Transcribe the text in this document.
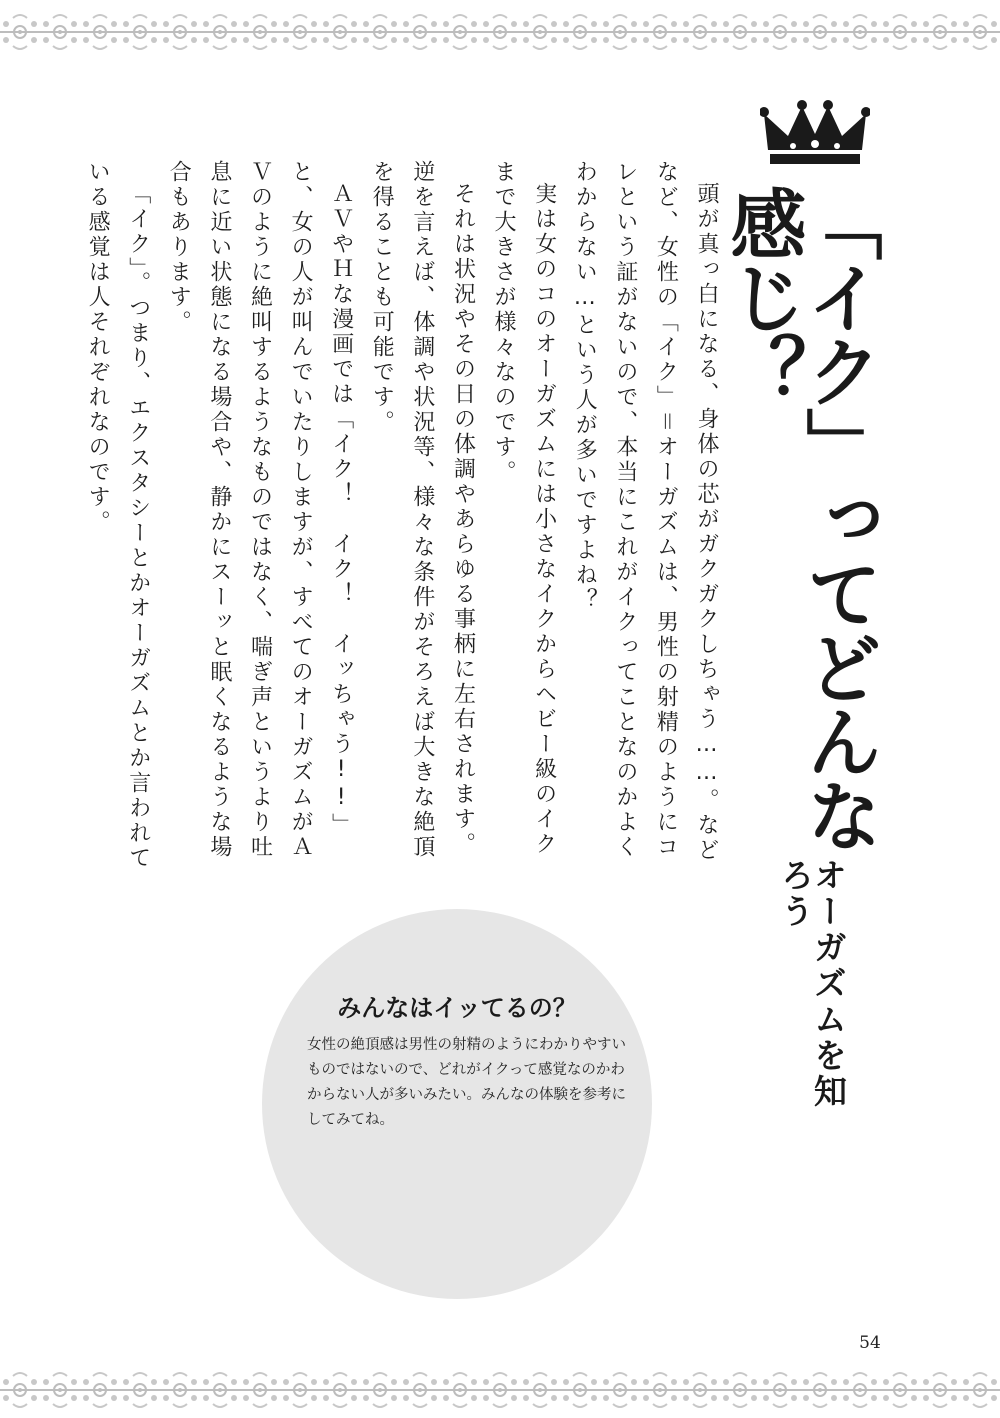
「イク」ってどんな感じ？
オーガズムを知ろう

頭が真っ白になる、身体の芯がガクガクしちゃう……。などなど、女性の「イク」＝オーガズムは、男性の射精のようにコレという証がないので、本当にこれがイクってことなのかよくわからない…という人が多いですよね？

実は女のコのオーガズムには小さなイクからヘビー級のイクまで大きさが様々なのです。

それは状況やその日の体調やあらゆる事柄に左右されます。逆を言えば、体調や状況等、様々な条件がそろえば大きな絶頂を得ることも可能です。

ＡＶやＨな漫画では「イク！　イク！　イッちゃう!!」と、女の人が叫んでいたりしますが、すべてのオーガズムがＡＶのように絶叫するようなものではなく、喘ぎ声というより吐息に近い状態になる場合や、静かにスーッと眠くなるような場合もあります。

「イク」。つまり、エクスタシーとかオーガズムとか言われている感覚は人それぞれなのです。

みんなはイッてるの？
女性の絶頂感は男性の射精のようにわかりやすいものではないので、どれがイクって感覚なのかわからない人が多いみたい。みんなの体験を参考にしてみてね。
54
